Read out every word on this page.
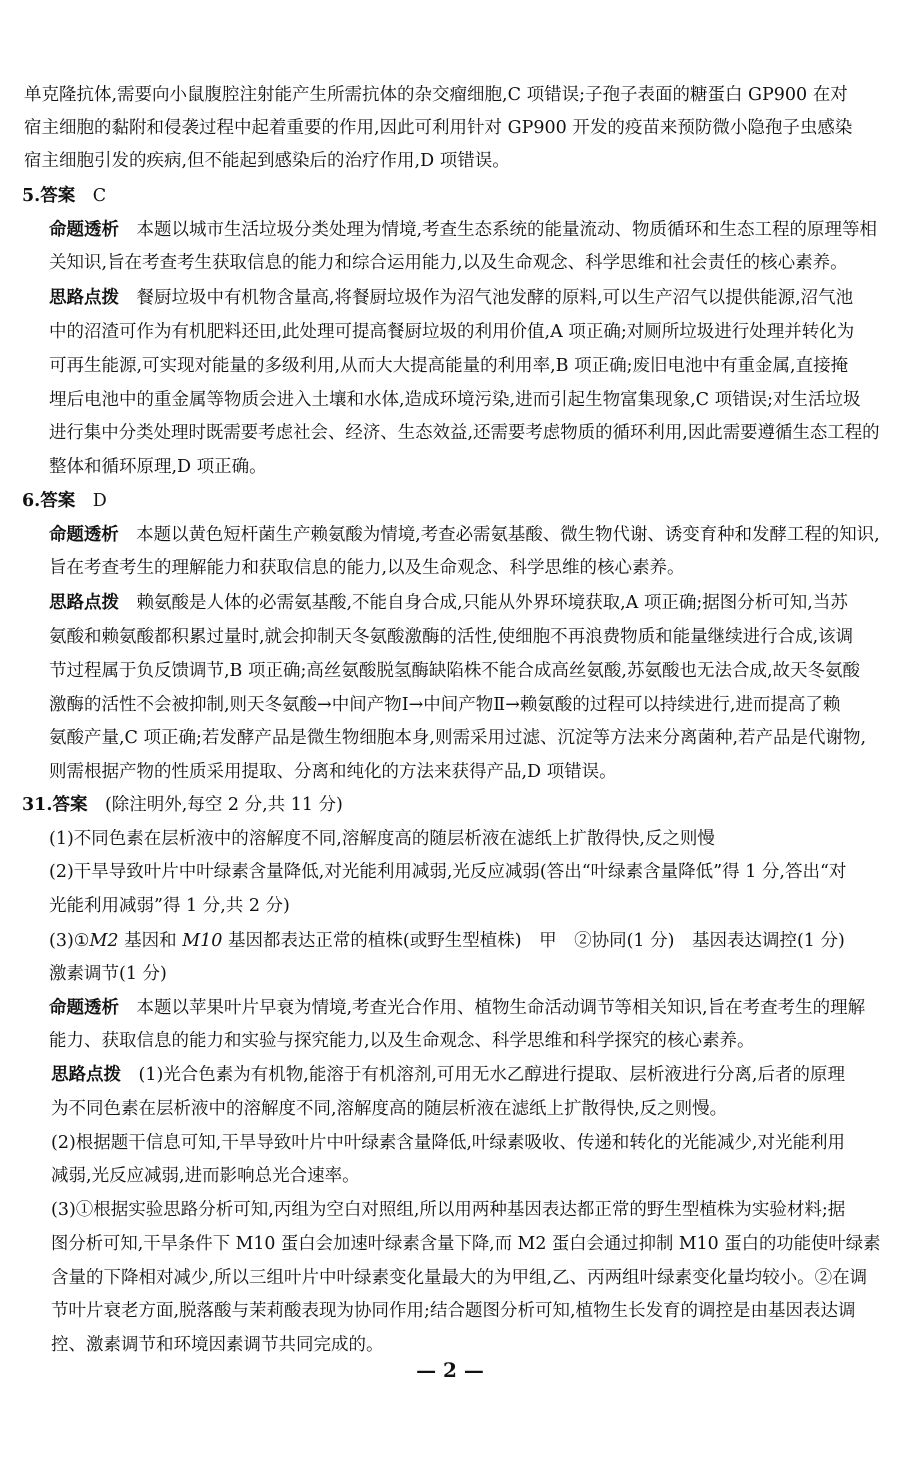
单克隆抗体,需要向小鼠腹腔注射能产生所需抗体的杂交瘤细胞,C 项错误;子孢子表面的糖蛋白 GP900 在对
宿主细胞的黏附和侵袭过程中起着重要的作用,因此可利用针对 GP900 开发的疫苗来预防微小隐孢子虫感染
宿主细胞引发的疾病,但不能起到感染后的治疗作用,D 项错误。
5.答案　 C
命题透析　 本题以城市生活垃圾分类处理为情境,考查生态系统的能量流动、物质循环和生态工程的原理等相
关知识,旨在考查考生获取信息的能力和综合运用能力,以及生命观念、科学思维和社会责任的核心素养。
思路点拨　 餐厨垃圾中有机物含量高,将餐厨垃圾作为沼气池发酵的原料,可以生产沼气以提供能源,沼气池
中的沼渣可作为有机肥料还田,此处理可提高餐厨垃圾的利用价值,A 项正确;对厕所垃圾进行处理并转化为
可再生能源,可实现对能量的多级利用,从而大大提高能量的利用率,B 项正确;废旧电池中有重金属,直接掩
埋后电池中的重金属等物质会进入土壤和水体,造成环境污染,进而引起生物富集现象,C 项错误;对生活垃圾
进行集中分类处理时既需要考虑社会、经济、生态效益,还需要考虑物质的循环利用,因此需要遵循生态工程的
整体和循环原理,D 项正确。
6.答案　 D
命题透析　 本题以黄色短杆菌生产赖氨酸为情境,考查必需氨基酸、微生物代谢、诱变育种和发酵工程的知识,
旨在考查考生的理解能力和获取信息的能力,以及生命观念、科学思维的核心素养。
思路点拨　 赖氨酸是人体的必需氨基酸,不能自身合成,只能从外界环境获取,A 项正确;据图分析可知,当苏
氨酸和赖氨酸都积累过量时,就会抑制天冬氨酸激酶的活性,使细胞不再浪费物质和能量继续进行合成,该调
节过程属于负反馈调节,B 项正确;高丝氨酸脱氢酶缺陷株不能合成高丝氨酸,苏氨酸也无法合成,故天冬氨酸
激酶的活性不会被抑制,则天冬氨酸→中间产物Ⅰ→中间产物Ⅱ→赖氨酸的过程可以持续进行,进而提高了赖
氨酸产量,C 项正确;若发酵产品是微生物细胞本身,则需采用过滤、沉淀等方法来分离菌种,若产品是代谢物,
则需根据产物的性质采用提取、分离和纯化的方法来获得产品,D 项错误。
31.答案　 (除注明外,每空 2 分,共 11 分)
(1)不同色素在层析液中的溶解度不同,溶解度高的随层析液在滤纸上扩散得快,反之则慢
(2)干旱导致叶片中叶绿素含量降低,对光能利用减弱,光反应减弱(答出“叶绿素含量降低”得 1 分,答出“对
光能利用减弱”得 1 分,共 2 分)
(3)①M2 基因和 M10 基因都表达正常的植株(或野生型植株)　甲　②协同(1 分)　基因表达调控(1 分)
激素调节(1 分)
命题透析　 本题以苹果叶片早衰为情境,考查光合作用、植物生命活动调节等相关知识,旨在考查考生的理解
能力、获取信息的能力和实验与探究能力,以及生命观念、科学思维和科学探究的核心素养。
思路点拨　 (1)光合色素为有机物,能溶于有机溶剂,可用无水乙醇进行提取、层析液进行分离,后者的原理
为不同色素在层析液中的溶解度不同,溶解度高的随层析液在滤纸上扩散得快,反之则慢。
(2)根据题干信息可知,干旱导致叶片中叶绿素含量降低,叶绿素吸收、传递和转化的光能减少,对光能利用
减弱,光反应减弱,进而影响总光合速率。
(3)①根据实验思路分析可知,丙组为空白对照组,所以用两种基因表达都正常的野生型植株为实验材料;据
图分析可知,干旱条件下 M10 蛋白会加速叶绿素含量下降,而 M2 蛋白会通过抑制 M10 蛋白的功能使叶绿素
含量的下降相对减少,所以三组叶片中叶绿素变化量最大的为甲组,乙、丙两组叶绿素变化量均较小。②在调
节叶片衰老方面,脱落酸与茉莉酸表现为协同作用;结合题图分析可知,植物生长发育的调控是由基因表达调
控、激素调节和环境因素调节共同完成的。
— 2 —
